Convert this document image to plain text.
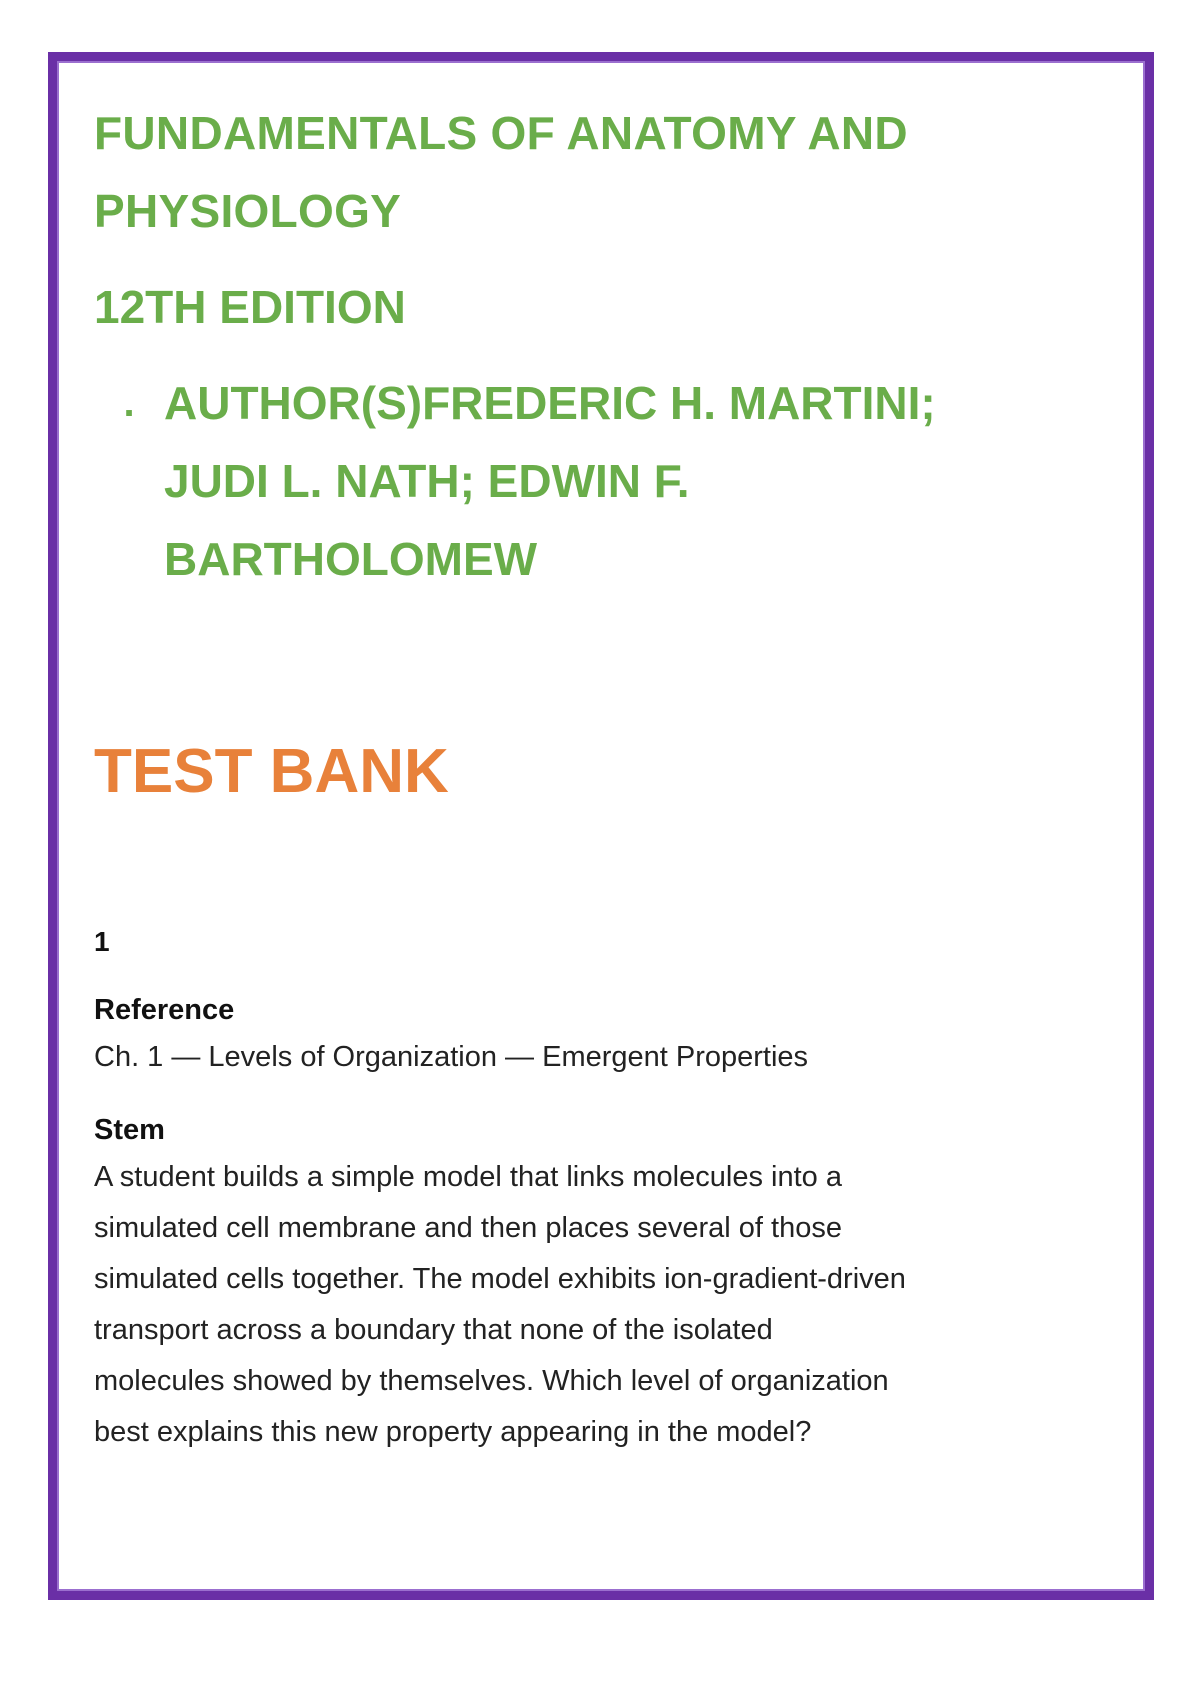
FUNDAMENTALS OF ANATOMY AND
PHYSIOLOGY
12TH EDITION
. AUTHOR(S)FREDERIC H. MARTINI;
JUDI L. NATH; EDWIN F.
BARTHOLOMEW
TEST BANK
1
Reference
Ch. 1 — Levels of Organization — Emergent Properties
Stem
A student builds a simple model that links molecules into a
simulated cell membrane and then places several of those
simulated cells together. The model exhibits ion-gradient-driven
transport across a boundary that none of the isolated
molecules showed by themselves. Which level of organization
best explains this new property appearing in the model?
